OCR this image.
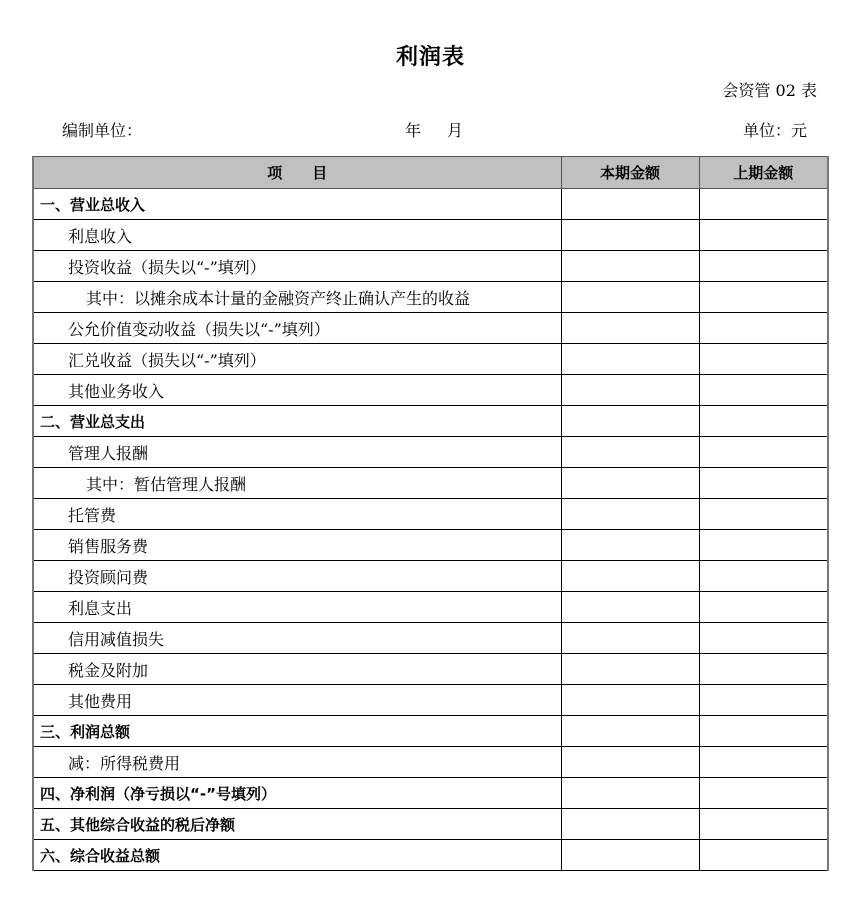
利润表
会资管 02 表
编制单位：	年 月	单位：元
项　　目	本期金额	上期金额
一、营业总收入		
利息收入		
投资收益（损失以“-”填列）		
其中：以摊余成本计量的金融资产终止确认产生的收益		
公允价值变动收益（损失以“-”填列）		
汇兑收益（损失以“-”填列）		
其他业务收入		
二、营业总支出		
管理人报酬		
其中：暂估管理人报酬		
托管费		
销售服务费		
投资顾问费		
利息支出		
信用减值损失		
税金及附加		
其他费用		
三、利润总额		
减：所得税费用		
四、净利润（净亏损以“-”号填列）		
五、其他综合收益的税后净额		
六、综合收益总额		
